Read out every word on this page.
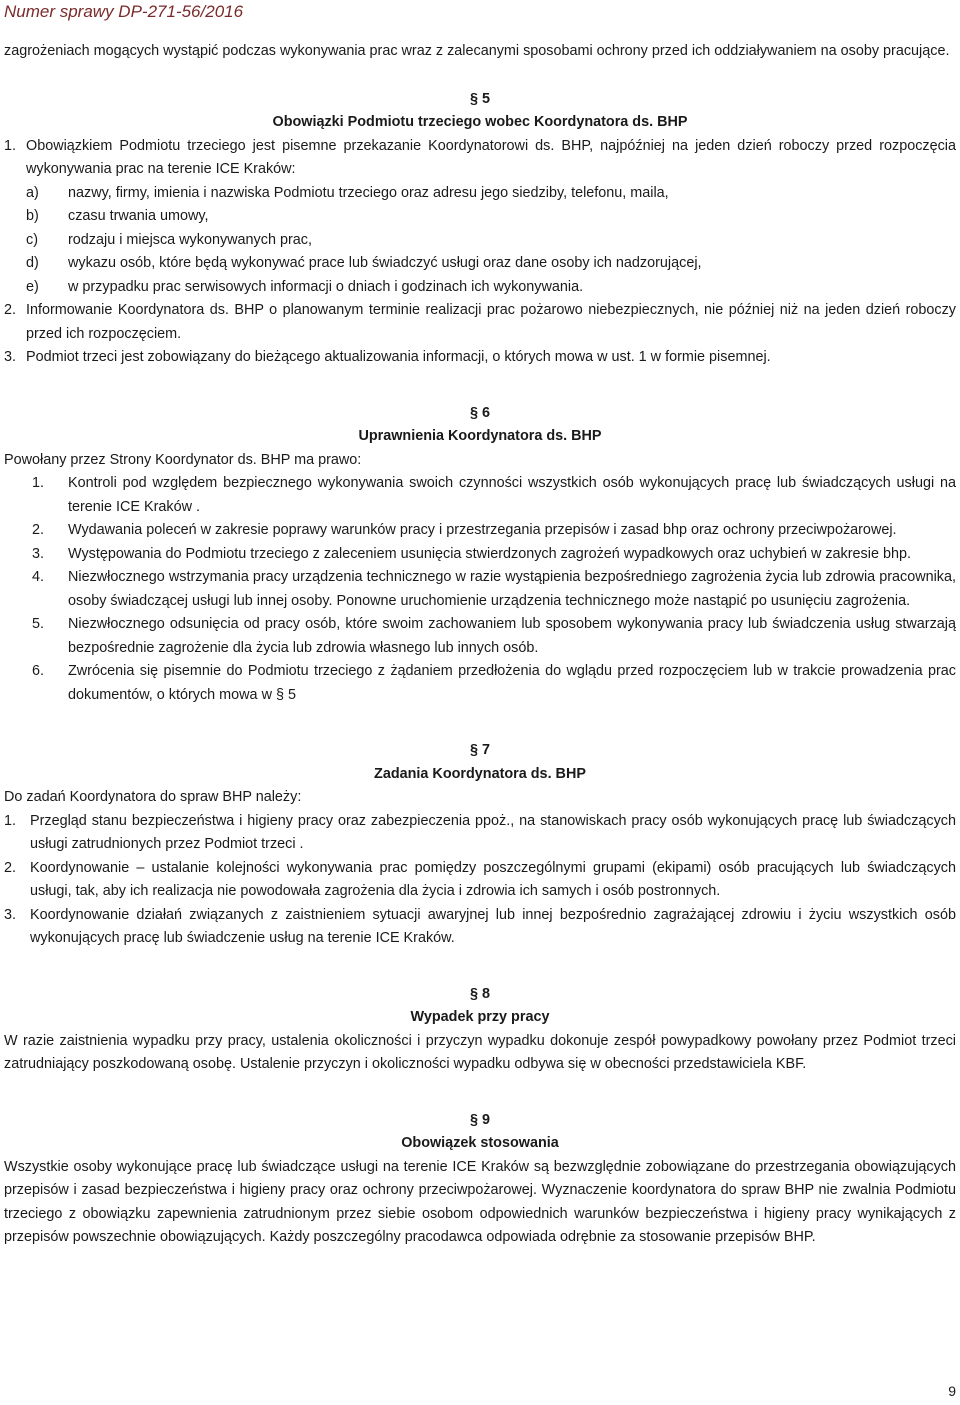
Numer sprawy DP-271-56/2016

zagrożeniach mogących wystąpić podczas wykonywania prac wraz z zalecanymi sposobami ochrony przed ich oddziaływaniem na osoby pracujące.

§ 5

Obowiązki Podmiotu trzeciego wobec Koordynatora ds. BHP

1. Obowiązkiem Podmiotu trzeciego jest pisemne przekazanie Koordynatorowi ds. BHP, najpóźniej na jeden dzień roboczy przed rozpoczęcia wykonywania prac na terenie ICE Kraków:
a)	nazwy, firmy, imienia i nazwiska Podmiotu trzeciego oraz adresu jego siedziby, telefonu, maila,
b)	czasu trwania umowy,
c)	rodzaju i miejsca wykonywanych prac,
d)	wykazu osób, które będą wykonywać prace lub świadczyć usługi oraz dane osoby ich nadzorującej,
e)	w przypadku prac serwisowych informacji o dniach i godzinach ich wykonywania.
2. Informowanie Koordynatora ds. BHP o planowanym terminie realizacji prac pożarowo niebezpiecznych, nie później niż na jeden dzień roboczy przed ich rozpoczęciem.
3. Podmiot trzeci jest zobowiązany do bieżącego aktualizowania informacji, o których mowa w ust. 1 w formie pisemnej.

§ 6

Uprawnienia Koordynatora ds. BHP

Powołany przez Strony Koordynator ds. BHP ma prawo:

1.	Kontroli pod względem bezpiecznego wykonywania swoich czynności wszystkich osób wykonujących pracę lub świadczących usługi na terenie ICE Kraków .
2.	Wydawania poleceń w zakresie poprawy warunków pracy i przestrzegania przepisów i zasad bhp oraz ochrony przeciwpożarowej.
3.	Występowania do Podmiotu trzeciego z zaleceniem usunięcia stwierdzonych zagrożeń wypadkowych oraz uchybień w zakresie bhp.
4.	Niezwłocznego wstrzymania pracy urządzenia technicznego w razie wystąpienia bezpośredniego zagrożenia życia lub zdrowia pracownika, osoby świadczącej usługi lub innej osoby. Ponowne uruchomienie urządzenia technicznego może nastąpić po usunięciu zagrożenia.
5.	Niezwłocznego odsunięcia od pracy osób, które swoim zachowaniem lub sposobem wykonywania pracy lub świadczenia usług stwarzają bezpośrednie zagrożenie dla życia lub zdrowia własnego lub innych osób.
6.	Zwrócenia się pisemnie do Podmiotu trzeciego z żądaniem przedłożenia do wglądu przed rozpoczęciem lub w trakcie prowadzenia prac dokumentów, o których mowa w § 5

§ 7

Zadania Koordynatora ds. BHP

Do zadań Koordynatora do spraw BHP należy:

1. Przegląd stanu bezpieczeństwa i higieny pracy oraz zabezpieczenia ppoż., na stanowiskach pracy osób wykonujących pracę lub świadczących usługi zatrudnionych przez Podmiot trzeci .
2. Koordynowanie – ustalanie kolejności wykonywania prac pomiędzy poszczególnymi grupami (ekipami) osób pracujących lub świadczących usługi, tak, aby ich realizacja nie powodowała zagrożenia dla życia i zdrowia ich samych i osób postronnych.
3. Koordynowanie działań związanych z zaistnieniem sytuacji awaryjnej lub innej bezpośrednio zagrażającej zdrowiu i życiu wszystkich osób wykonujących pracę lub świadczenie usług na terenie ICE Kraków.

§ 8

Wypadek przy pracy

W razie zaistnienia wypadku przy pracy, ustalenia okoliczności i przyczyn wypadku dokonuje zespół powypadkowy powołany przez Podmiot trzeci zatrudniający poszkodowaną osobę. Ustalenie przyczyn i okoliczności wypadku odbywa się w obecności przedstawiciela KBF.

§ 9

Obowiązek stosowania

Wszystkie osoby wykonujące pracę lub świadczące usługi na terenie ICE Kraków są bezwzględnie zobowiązane do przestrzegania obowiązujących przepisów i zasad bezpieczeństwa i higieny pracy oraz ochrony przeciwpożarowej. Wyznaczenie koordynatora do spraw BHP nie zwalnia Podmiotu trzeciego z obowiązku zapewnienia zatrudnionym przez siebie osobom odpowiednich warunków bezpieczeństwa i higieny pracy wynikających z przepisów powszechnie obowiązujących. Każdy poszczególny pracodawca odpowiada odrębnie za stosowanie przepisów BHP.

9
